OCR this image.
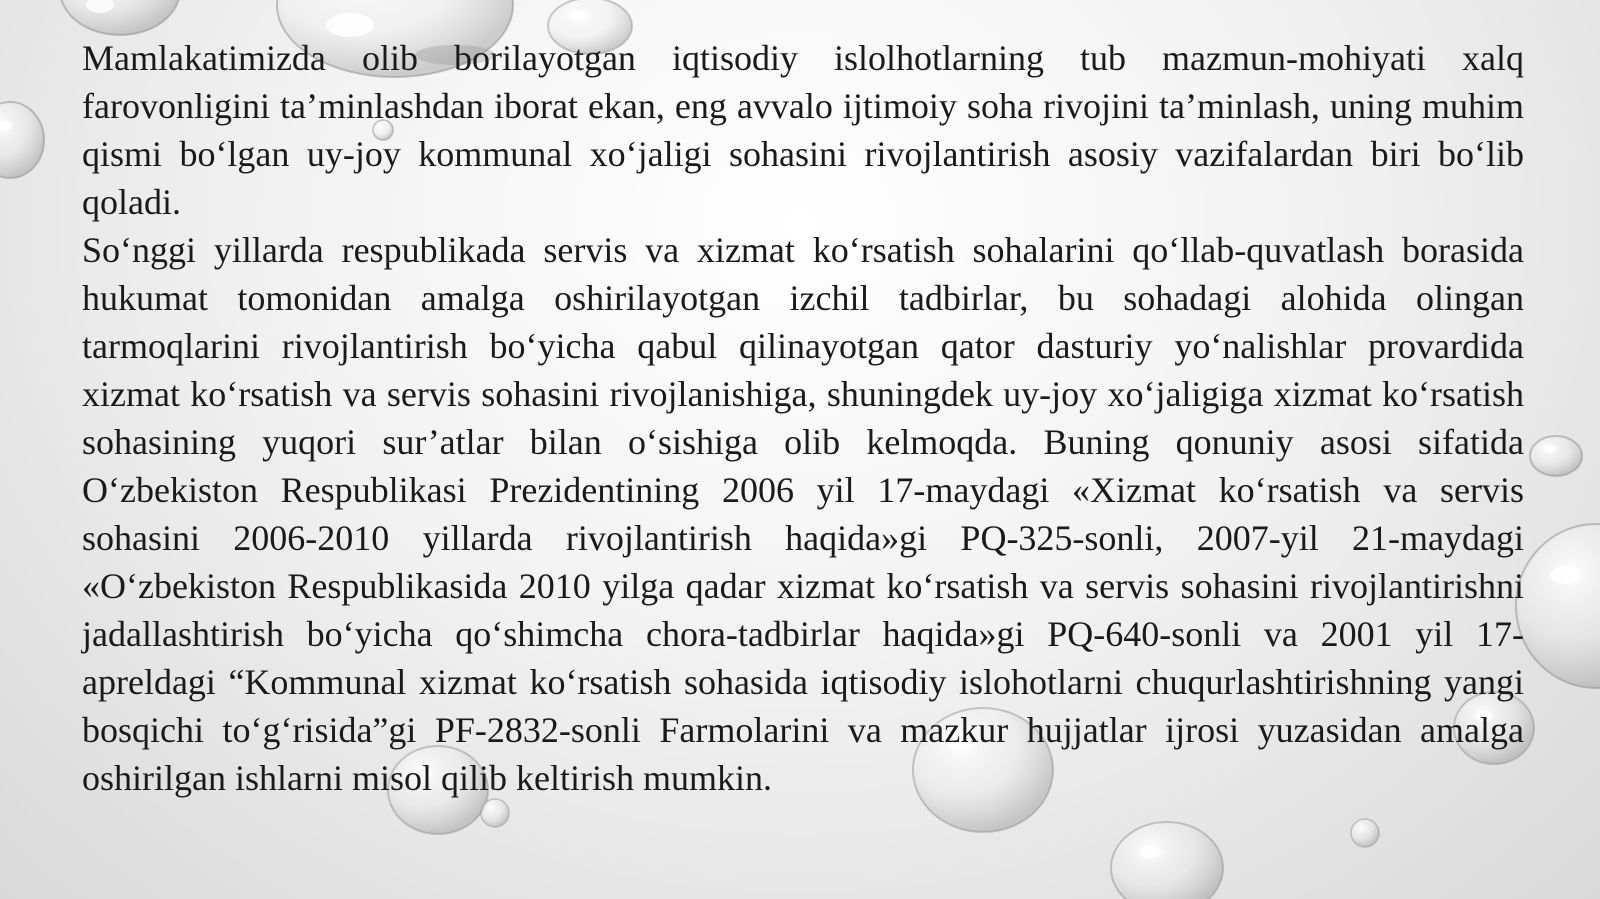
Mamlakatimizda olib borilayotgan iqtisodiy islolhotlarning tub mazmun-mohiyati xalq farovonligini ta’minlashdan iborat ekan, eng avvalo ijtimoiy soha rivojini ta’minlash, uning muhim qismi bo‘lgan uy-joy kommunal xo‘jaligi sohasini rivojlantirish asosiy vazifalardan biri bo‘lib qoladi.

So‘nggi yillarda respublikada servis va xizmat ko‘rsatish sohalarini qo‘llab-quvatlash borasida hukumat tomonidan amalga oshirilayotgan izchil tadbirlar, bu sohadagi alohida olingan tarmoqlarini rivojlantirish bo‘yicha qabul qilinayotgan qator dasturiy yo‘nalishlar provardida xizmat ko‘rsatish va servis sohasini rivojlanishiga, shuningdek uy-joy xo‘jaligiga xizmat ko‘rsatish sohasining yuqori sur’atlar bilan o‘sishiga olib kelmoqda. Buning qonuniy asosi sifatida O‘zbekiston Respublikasi Prezidentining 2006 yil 17-maydagi «Xizmat ko‘rsatish va servis sohasini 2006-2010 yillarda rivojlantirish haqida»gi PQ-325-sonli, 2007-yil 21-maydagi «O‘zbekiston Respublikasida 2010 yilga qadar xizmat ko‘rsatish va servis sohasini rivojlantirishni jadallashtirish bo‘yicha qo‘shimcha chora-tadbirlar haqida»gi PQ-640-sonli va 2001 yil 17-apreldagi “Kommunal xizmat ko‘rsatish sohasida iqtisodiy islohotlarni chuqurlashtirishning yangi bosqichi to‘g‘risida”gi PF-2832-sonli Farmolarini va mazkur hujjatlar ijrosi yuzasidan amalga oshirilgan ishlarni misol qilib keltirish mumkin.
